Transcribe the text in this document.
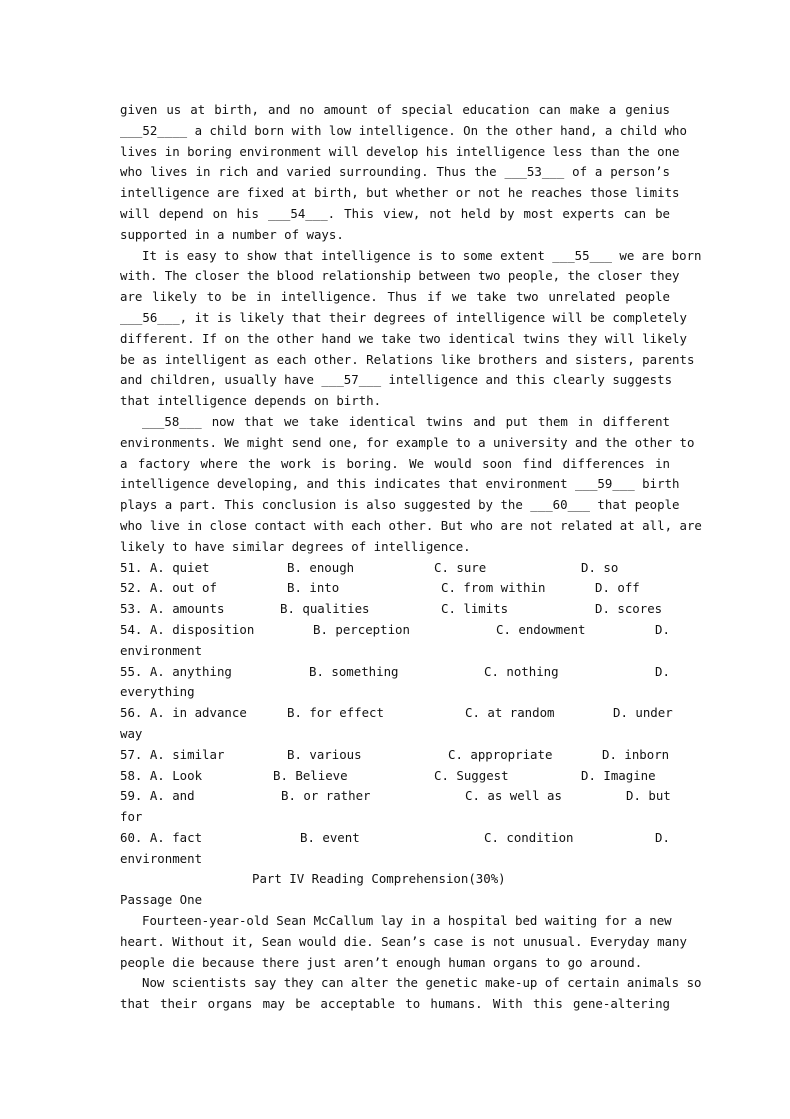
given us at birth, and no amount of special education can make a genius
___52____ a child born with low intelligence. On the other hand, a child who
lives in boring environment will develop his intelligence less than the one
who lives in rich and varied surrounding. Thus the ___53___ of a person’s
intelligence are fixed at birth, but whether or not he reaches those limits
will depend on his ___54___. This view, not held by most experts can be
supported in a number of ways.
It is easy to show that intelligence is to some extent ___55___ we are born
with. The closer the blood relationship between two people, the closer they
are likely to be in intelligence. Thus if we take two unrelated people
___56___, it is likely that their degrees of intelligence will be completely
different. If on the other hand we take two identical twins they will likely
be as intelligent as each other. Relations like brothers and sisters, parents
and children, usually have ___57___ intelligence and this clearly suggests
that intelligence depends on birth.
___58___ now that we take identical twins and put them in different
environments. We might send one, for example to a university and the other to
a factory where the work is boring. We would soon find differences in
intelligence developing, and this indicates that environment ___59___ birth
plays a part. This conclusion is also suggested by the ___60___ that people
who live in close contact with each other. But who are not related at all, are
likely to have similar degrees of intelligence.
51. A. quiet	B. enough	C. sure	D. so
52. A. out of	B. into	C. from within	D. off
53. A. amounts	B. qualities	C. limits	D. scores
54. A. disposition	B. perception	C. endowment	D.
environment
55. A. anything	B. something	C. nothing	D.
everything
56. A. in advance	B. for effect	C. at random	D. under
way
57. A. similar	B. various	C. appropriate	D. inborn
58. A. Look	B. Believe	C. Suggest	D. Imagine
59. A. and	B. or rather	C. as well as	D. but
for
60. A. fact	B. event	C. condition	D.
environment
Part IV Reading Comprehension(30%)
Passage One
Fourteen-year-old Sean McCallum lay in a hospital bed waiting for a new
heart. Without it, Sean would die. Sean’s case is not unusual. Everyday many
people die because there just aren’t enough human organs to go around.
Now scientists say they can alter the genetic make-up of certain animals so
that their organs may be acceptable to humans. With this gene-altering
